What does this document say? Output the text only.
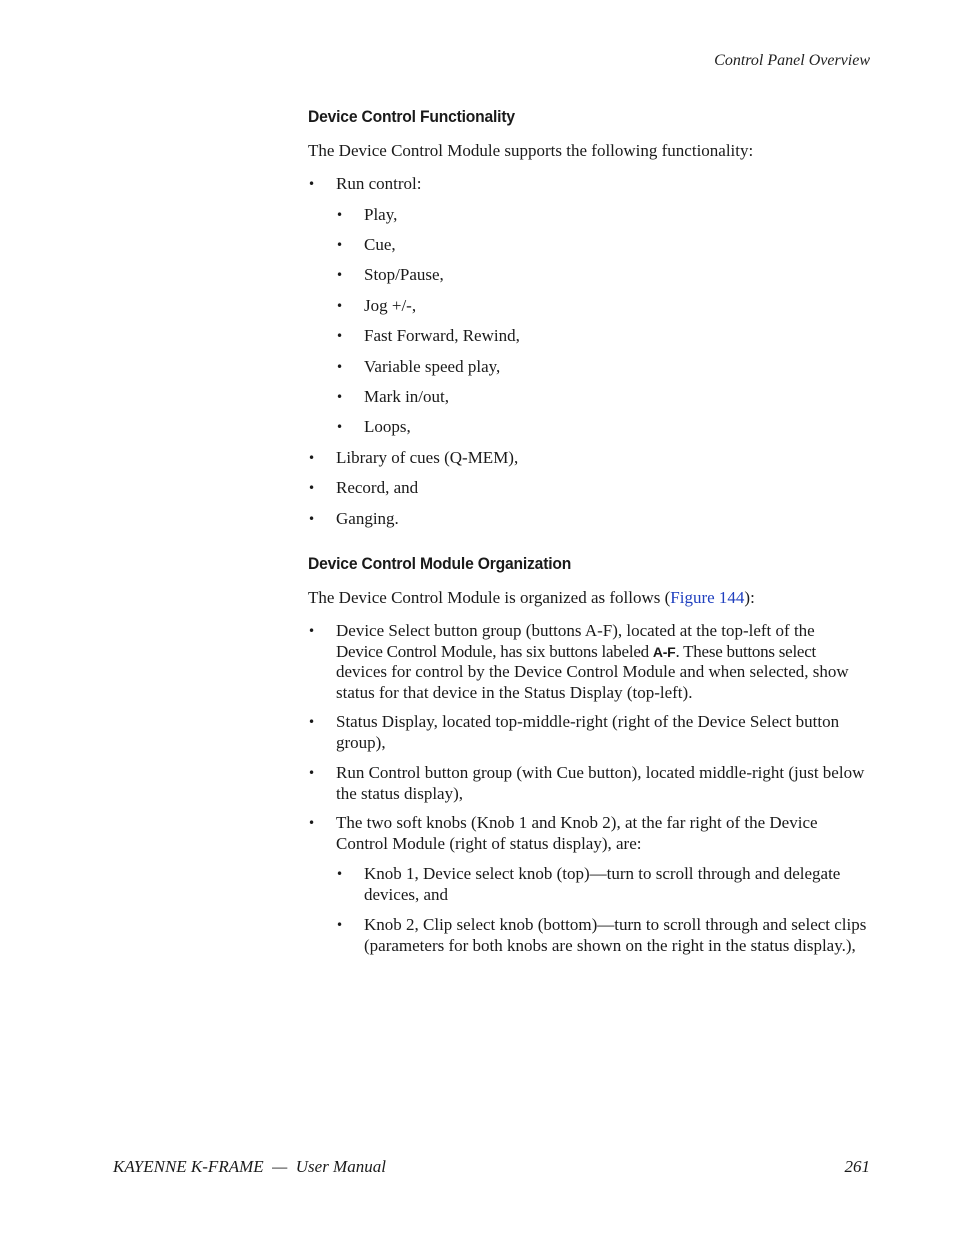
Control Panel Overview
Device Control Functionality
The Device Control Module supports the following functionality:
•	Run control:
•	Play,
•	Cue,
•	Stop/Pause,
•	Jog +/-,
•	Fast Forward, Rewind,
•	Variable speed play,
•	Mark in/out,
•	Loops,
•	Library of cues (Q-MEM),
•	Record, and
•	Ganging.
Device Control Module Organization
The Device Control Module is organized as follows (Figure 144):
•	Device Select button group (buttons A-F), located at the top-left of the
Device Control Module, has six buttons labeled A-F. These buttons select
devices for control by the Device Control Module and when selected, show status for that device in the Status Display (top-left).
•	Status Display, located top-middle-right (right of the Device Select button group),
•	Run Control button group (with Cue button), located middle-right (just below the status display),
•	The two soft knobs (Knob 1 and Knob 2), at the far right of the Device Control Module (right of status display), are:
•	Knob 1, Device select knob (top)—turn to scroll through and delegate devices, and
•	Knob 2, Clip select knob (bottom)—turn to scroll through and select clips (parameters for both knobs are shown on the right in the status display.),
KAYENNE K-FRAME  —  User Manual	261
